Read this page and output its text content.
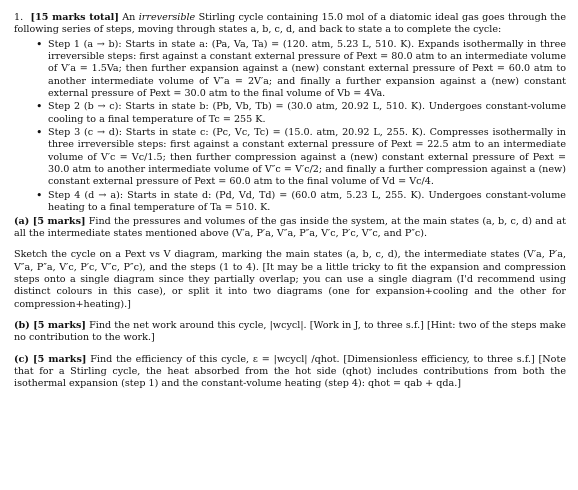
1. [15 marks total] An irreversible Stirling cycle containing 15.0 mol of a diatomic ideal gas goes through the following series of steps, moving through states a, b, c, d, and back to state a to complete the cycle:

• Step 1 (a → b): Starts in state a: (Pa, Va, Ta) = (120. atm, 5.23 L, 510. K). Expands isothermally in three irreversible steps: first against a constant external pressure of Pext = 80.0 atm to an intermediate volume of V′a = 1.5Va; then further expansion against a (new) constant external pressure of Pext = 60.0 atm to another intermediate volume of V″a = 2V′a; and finally a further expansion against a (new) constant external pressure of Pext = 30.0 atm to the final volume of Vb = 4Va.
• Step 2 (b → c): Starts in state b: (Pb, Vb, Tb) = (30.0 atm, 20.92 L, 510. K). Undergoes constant-volume cooling to a final temperature of Tc = 255 K.
• Step 3 (c → d): Starts in state c: (Pc, Vc, Tc) = (15.0. atm, 20.92 L, 255. K). Compresses isothermally in three irreversible steps: first against a constant external pressure of Pext = 22.5 atm to an intermediate volume of V′c = Vc/1.5; then further compression against a (new) constant external pressure of Pext = 30.0 atm to another intermediate volume of V″c = V′c/2; and finally a further compression against a (new) constant external pressure of Pext = 60.0 atm to the final volume of Vd = Vc/4.
• Step 4 (d → a): Starts in state d: (Pd, Vd, Td) = (60.0 atm, 5.23 L, 255. K). Undergoes constant-volume heating to a final temperature of Ta = 510. K.

(a) [5 marks] Find the pressures and volumes of the gas inside the system, at the main states (a, b, c, d) and at all the intermediate states mentioned above (V′a, P′a, V″a, P″a, V′c, P′c, V″c, and P″c).

Sketch the cycle on a Pext vs V diagram, marking the main states (a, b, c, d), the intermediate states (V′a, P′a, V″a, P″a, V′c, P′c, V″c, P″c), and the steps (1 to 4). [It may be a little tricky to fit the expansion and compression steps onto a single diagram since they partially overlap; you can use a single diagram (I'd recommend using distinct colours in this case), or split it into two diagrams (one for expansion+cooling and the other for compression+heating).]

(b) [5 marks] Find the net work around this cycle, |wcycl|. [Work in J, to three s.f.] [Hint: two of the steps make no contribution to the work.]

(c) [5 marks] Find the efficiency of this cycle, ε = |wcycl| /qhot. [Dimensionless efficiency, to three s.f.] [Note that for a Stirling cycle, the heat absorbed from the hot side (qhot) includes contributions from both the isothermal expansion (step 1) and the constant-volume heating (step 4): qhot = qab + qda.]
